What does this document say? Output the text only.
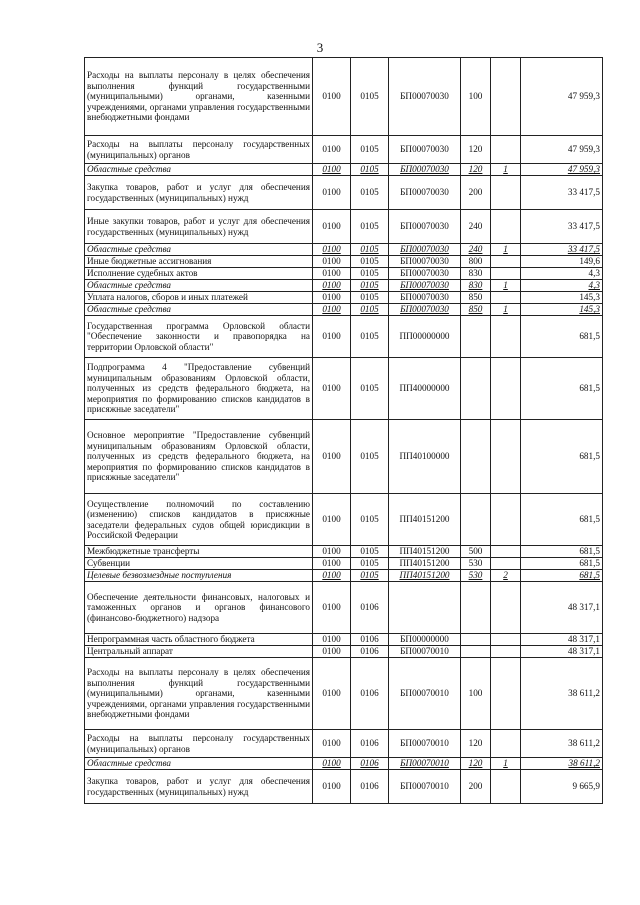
3
Расходы на выплаты персоналу в целях обеспечения выполнения функций государственными (муниципальными) органами, казенными учреждениями, органами управления государственными внебюджетными фондами	0100	0105	БП00070030	100		47 959,3
Расходы на выплаты персоналу государственных (муниципальных) органов	0100	0105	БП00070030	120		47 959,3
Областные средства	0100	0105	БП00070030	120	1	47 959,3
Закупка товаров, работ и услуг для обеспечения государственных (муниципальных) нужд	0100	0105	БП00070030	200		33 417,5
Иные закупки товаров, работ и услуг для обеспечения государственных (муниципальных) нужд	0100	0105	БП00070030	240		33 417,5
Областные средства	0100	0105	БП00070030	240	1	33 417,5
Иные бюджетные ассигнования	0100	0105	БП00070030	800		149,6
Исполнение судебных актов	0100	0105	БП00070030	830		4,3
Областные средства	0100	0105	БП00070030	830	1	4,3
Уплата налогов, сборов и иных платежей	0100	0105	БП00070030	850		145,3
Областные средства	0100	0105	БП00070030	850	1	145,3
Государственная программа Орловской области "Обеспечение законности и правопорядка на территории Орловской области"	0100	0105	ПП00000000			681,5
Подпрограмма 4 "Предоставление субвенций муниципальным образованиям Орловской области, полученных из средств федерального бюджета, на мероприятия по формированию списков кандидатов в присяжные заседатели"	0100	0105	ПП40000000			681,5
Основное мероприятие "Предоставление субвенций муниципальным образованиям Орловской области, полученных из средств федерального бюджета, на мероприятия по формированию списков кандидатов в присяжные заседатели"	0100	0105	ПП40100000			681,5
Осуществление полномочий по составлению (изменению) списков кандидатов в присяжные заседатели федеральных судов общей юрисдикции в Российской Федерации	0100	0105	ПП40151200			681,5
Межбюджетные трансферты	0100	0105	ПП40151200	500		681,5
Субвенции	0100	0105	ПП40151200	530		681,5
Целевые безвозмездные поступления	0100	0105	ПП40151200	530	2	681,5
Обеспечение деятельности финансовых, налоговых и таможенных органов и органов финансового (финансово-бюджетного) надзора	0100	0106				48 317,1
Непрограммная часть областного бюджета	0100	0106	БП00000000			48 317,1
Центральный аппарат	0100	0106	БП00070010			48 317,1
Расходы на выплаты персоналу в целях обеспечения выполнения функций государственными (муниципальными) органами, казенными учреждениями, органами управления государственными внебюджетными фондами	0100	0106	БП00070010	100		38 611,2
Расходы на выплаты персоналу государственных (муниципальных) органов	0100	0106	БП00070010	120		38 611,2
Областные средства	0100	0106	БП00070010	120	1	38 611,2
Закупка товаров, работ и услуг для обеспечения государственных (муниципальных) нужд	0100	0106	БП00070010	200		9 665,9
